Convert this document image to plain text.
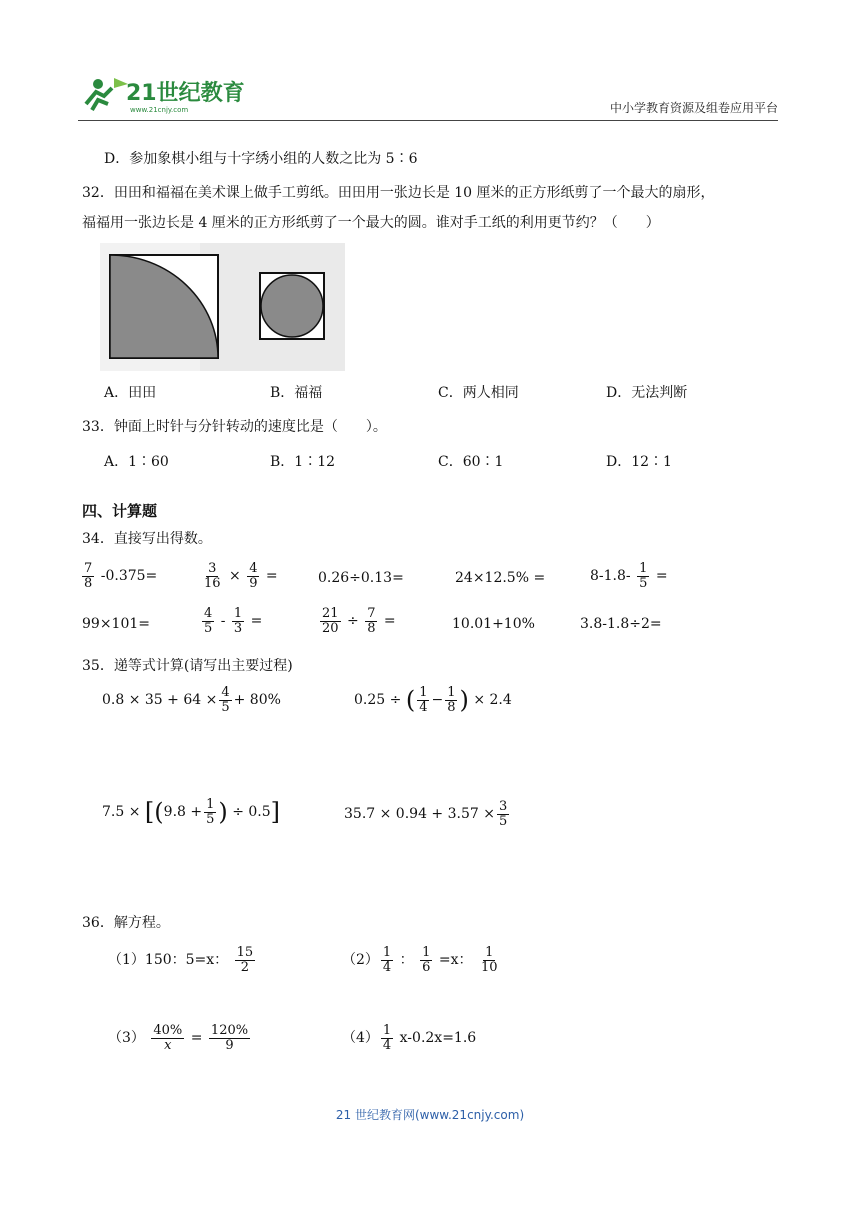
21世纪教育
www.21cnjy.com	中小学教育资源及组卷应用平台
D．参加象棋小组与十字绣小组的人数之比为 5∶6
32．田田和福福在美术课上做手工剪纸。田田用一张边长是 10 厘米的正方形纸剪了一个最大的扇形，
福福用一张边长是 4 厘米的正方形纸剪了一个最大的圆。谁对手工纸的利用更节约？（　　）
A．田田	B．福福	C．两人相同	D．无法判断
33．钟面上时针与分针转动的速度比是（　　）。
A．1∶60	B．1∶12	C．60∶1	D．12∶1
四、计算题
34．直接写出得数。
$\frac{7}{8} -0.375=$	$\frac{3}{16} \times \frac{4}{9}$ =	0.26÷0.13=	24×12.5% =	$8-1.8- \frac{1}{5}$ =
99×101=	$\frac{4}{5} - \frac{1}{3}$ =	$\frac{21}{20} \div \frac{7}{8}$ =	10.01+10%	3.8-1.8÷2=
35．递等式计算(请写出主要过程)
$0.8 \times 35 + 64 \times \frac{4}{5} + 80\%$	0.25 ÷ ( $\frac{1}{4} - \frac{1}{8}$ ) × 2.4
$7.5 \times [(9.8 + \frac{1}{5}$ ) ÷ 0.5]	$35.7 \times 0.94 + 3.57 \times \frac{3}{5}$
36．解方程。
（1）150：5=x： $\frac{15}{2}$	$(2) \frac{1}{4}$ ： $\frac{1}{6} =x$： $\frac{1}{10}$
$(3) \frac{40\%}{x} = \frac{120\%}{9}$	$(4) \frac{1}{4} x-0.2x=1.6$
21 世纪教育网(www.21cnjy.com)
